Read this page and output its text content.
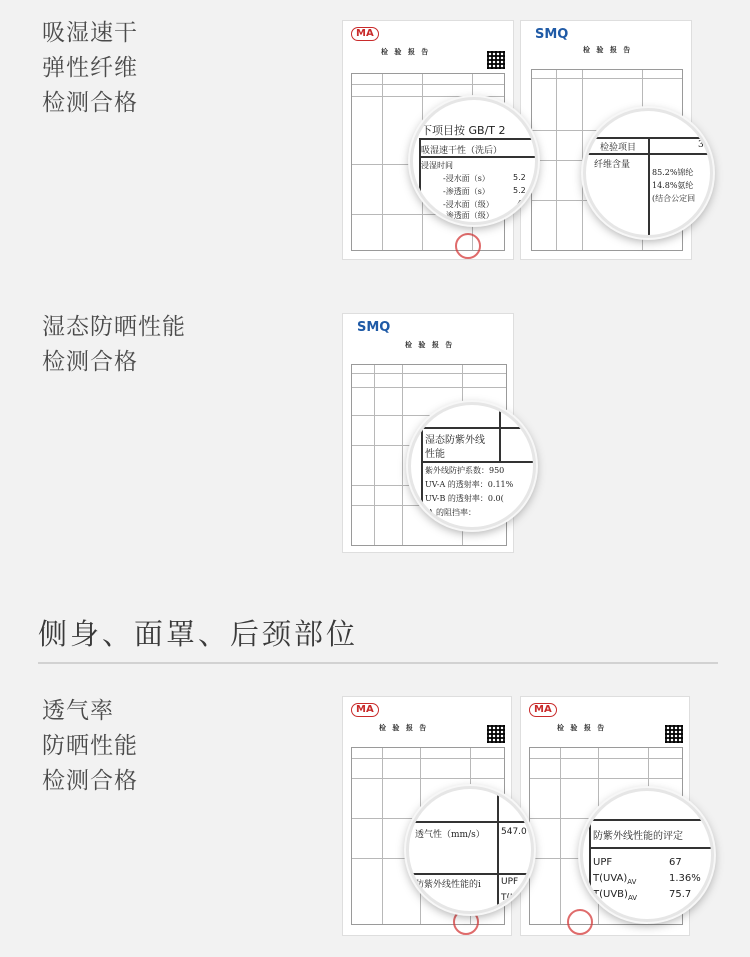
吸湿速干
弹性纤维
检测合格
MA
检 验 报 告
SMQ
检 验 报 告
下项目按 GB/T 2
吸湿速干性（洗后）
浸湿时间
-浸水面（s）	5.2
-渗透面（s）	5.2
-浸水面（级）	4
-渗透面（级）
检验项目	3
纤维含量
85.2%锦纶
14.8%氨纶
(结合公定回
湿态防晒性能
检测合格
SMQ
检 验 报 告
湿态防紫外线
性能
紫外线防护系数：950
UV-A 的透射率：0.11%
UV-B 的透射率：0.0(
-A 的阻挡率：
侧身、面罩、后颈部位
透气率
防晒性能
检测合格
MA
检 验 报 告
MA
检 验 报 告
透气性（mm/s） 547.0
防紫外线性能的i UPF
T(U
防紫外线性能的评定
UPF	67
$T(UVA)_{AV}$	1.36%
$T(UVB)_{AV}$	75.7
